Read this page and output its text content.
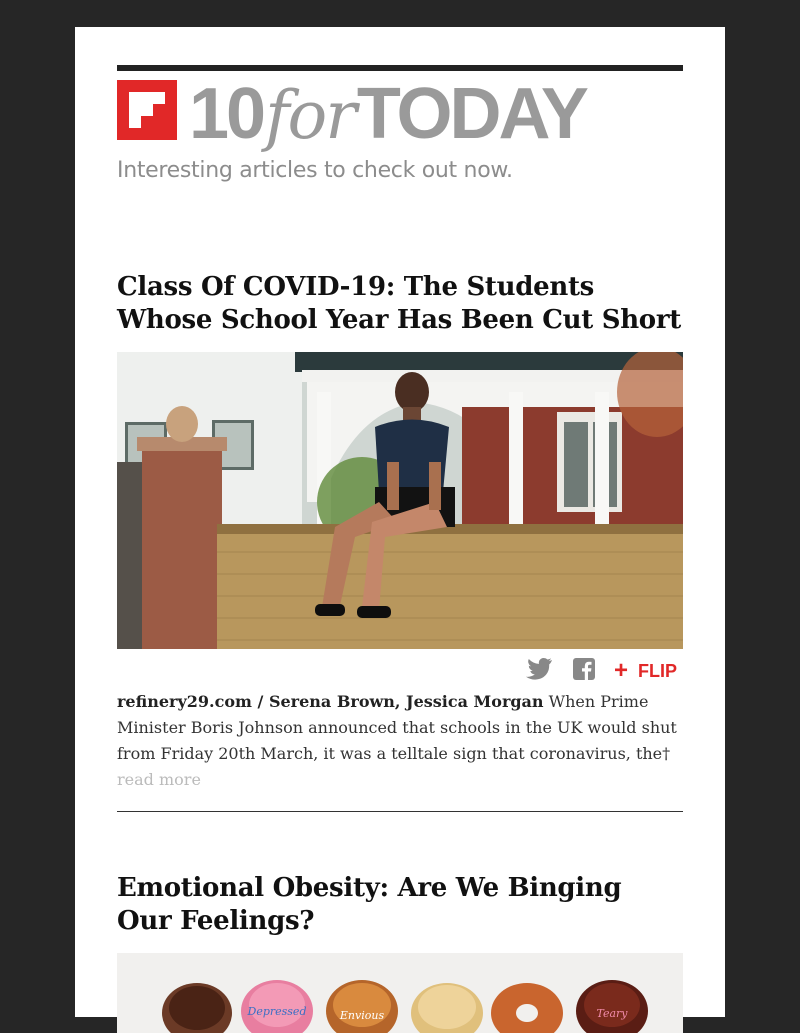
10forTODAY
Interesting articles to check out now.
Class Of COVID-19: The Students Whose School Year Has Been Cut Short
+ FLIP
refinery29.com / Serena Brown, Jessica Morgan When Prime Minister Boris Johnson announced that schools in the UK would shut from Friday 20th March, it was a telltale sign that coronavirus, the†
read more
Emotional Obesity: Are We Binging Our Feelings?
Depressed	Envious	Teary
